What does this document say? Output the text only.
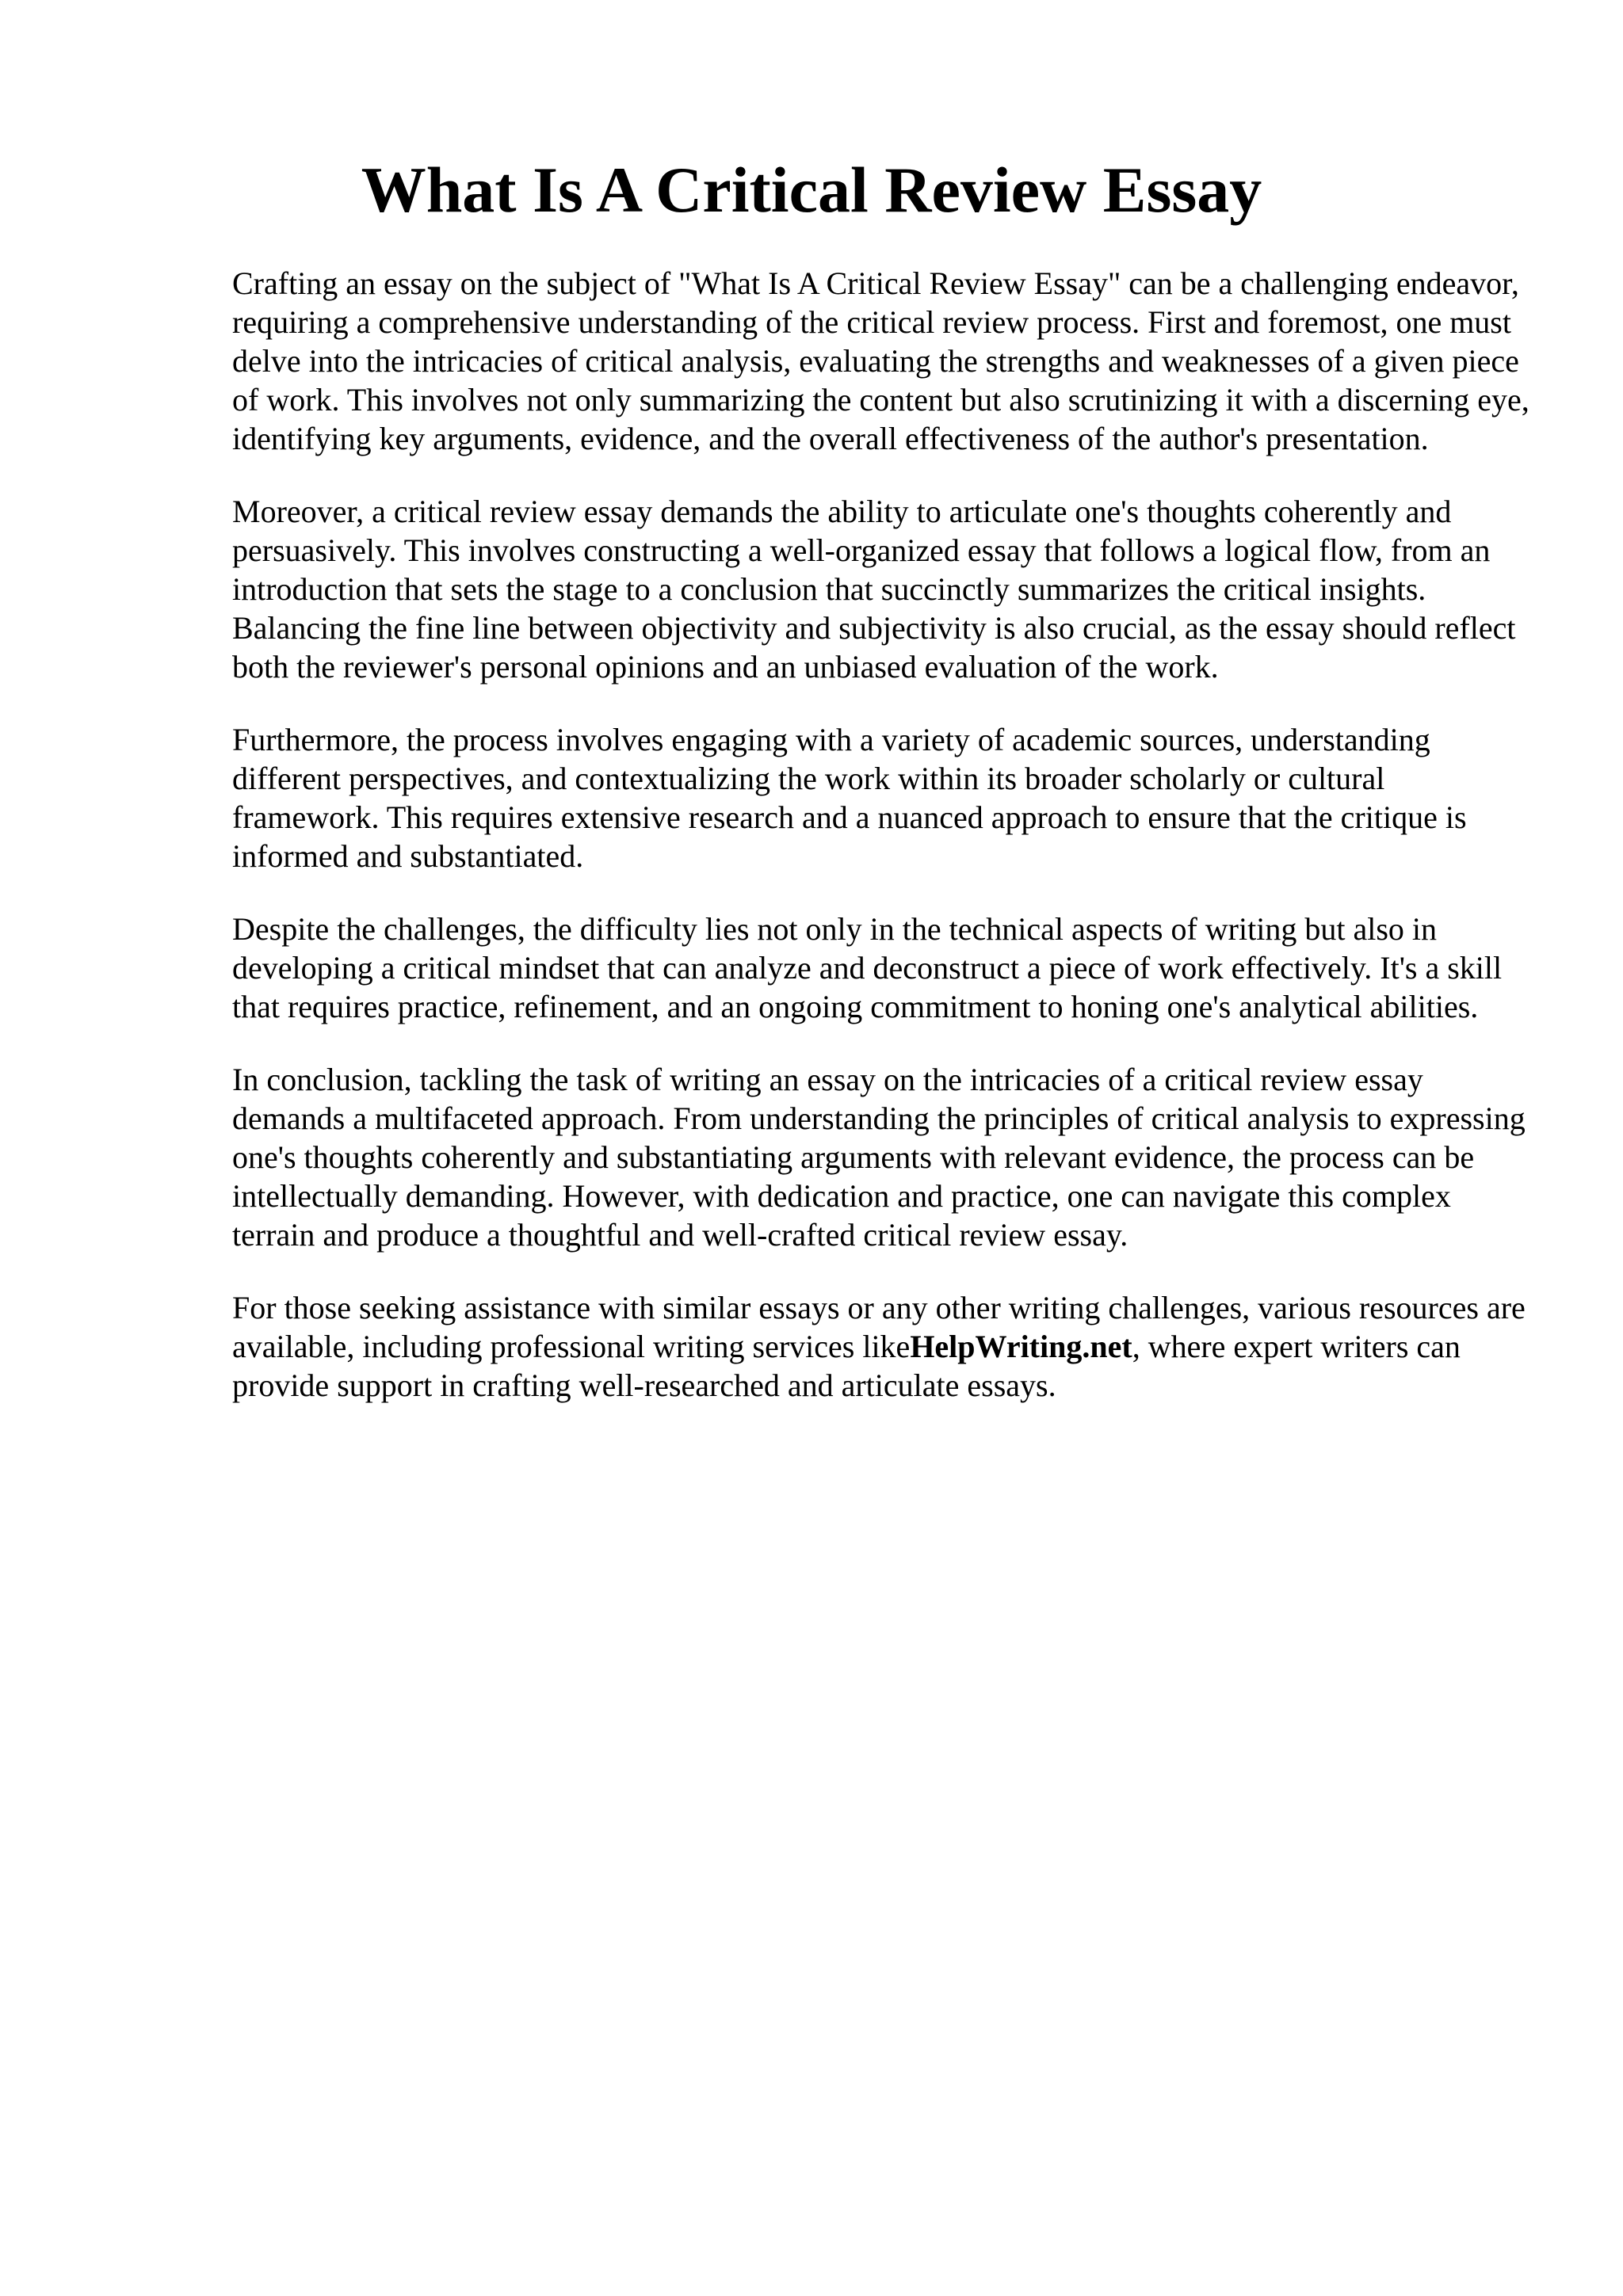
What Is A Critical Review Essay

Crafting an essay on the subject of "What Is A Critical Review Essay" can be a challenging endeavor, requiring a comprehensive understanding of the critical review process. First and foremost, one must delve into the intricacies of critical analysis, evaluating the strengths and weaknesses of a given piece of work. This involves not only summarizing the content but also scrutinizing it with a discerning eye, identifying key arguments, evidence, and the overall effectiveness of the author's presentation.

Moreover, a critical review essay demands the ability to articulate one's thoughts coherently and persuasively. This involves constructing a well-organized essay that follows a logical flow, from an introduction that sets the stage to a conclusion that succinctly summarizes the critical insights. Balancing the fine line between objectivity and subjectivity is also crucial, as the essay should reflect both the reviewer's personal opinions and an unbiased evaluation of the work.

Furthermore, the process involves engaging with a variety of academic sources, understanding different perspectives, and contextualizing the work within its broader scholarly or cultural framework. This requires extensive research and a nuanced approach to ensure that the critique is informed and substantiated.

Despite the challenges, the difficulty lies not only in the technical aspects of writing but also in developing a critical mindset that can analyze and deconstruct a piece of work effectively. It's a skill that requires practice, refinement, and an ongoing commitment to honing one's analytical abilities.

In conclusion, tackling the task of writing an essay on the intricacies of a critical review essay demands a multifaceted approach. From understanding the principles of critical analysis to expressing one's thoughts coherently and substantiating arguments with relevant evidence, the process can be intellectually demanding. However, with dedication and practice, one can navigate this complex terrain and produce a thoughtful and well-crafted critical review essay.

For those seeking assistance with similar essays or any other writing challenges, various resources are available, including professional writing services likeHelpWriting.net, where expert writers can provide support in crafting well-researched and articulate essays.
